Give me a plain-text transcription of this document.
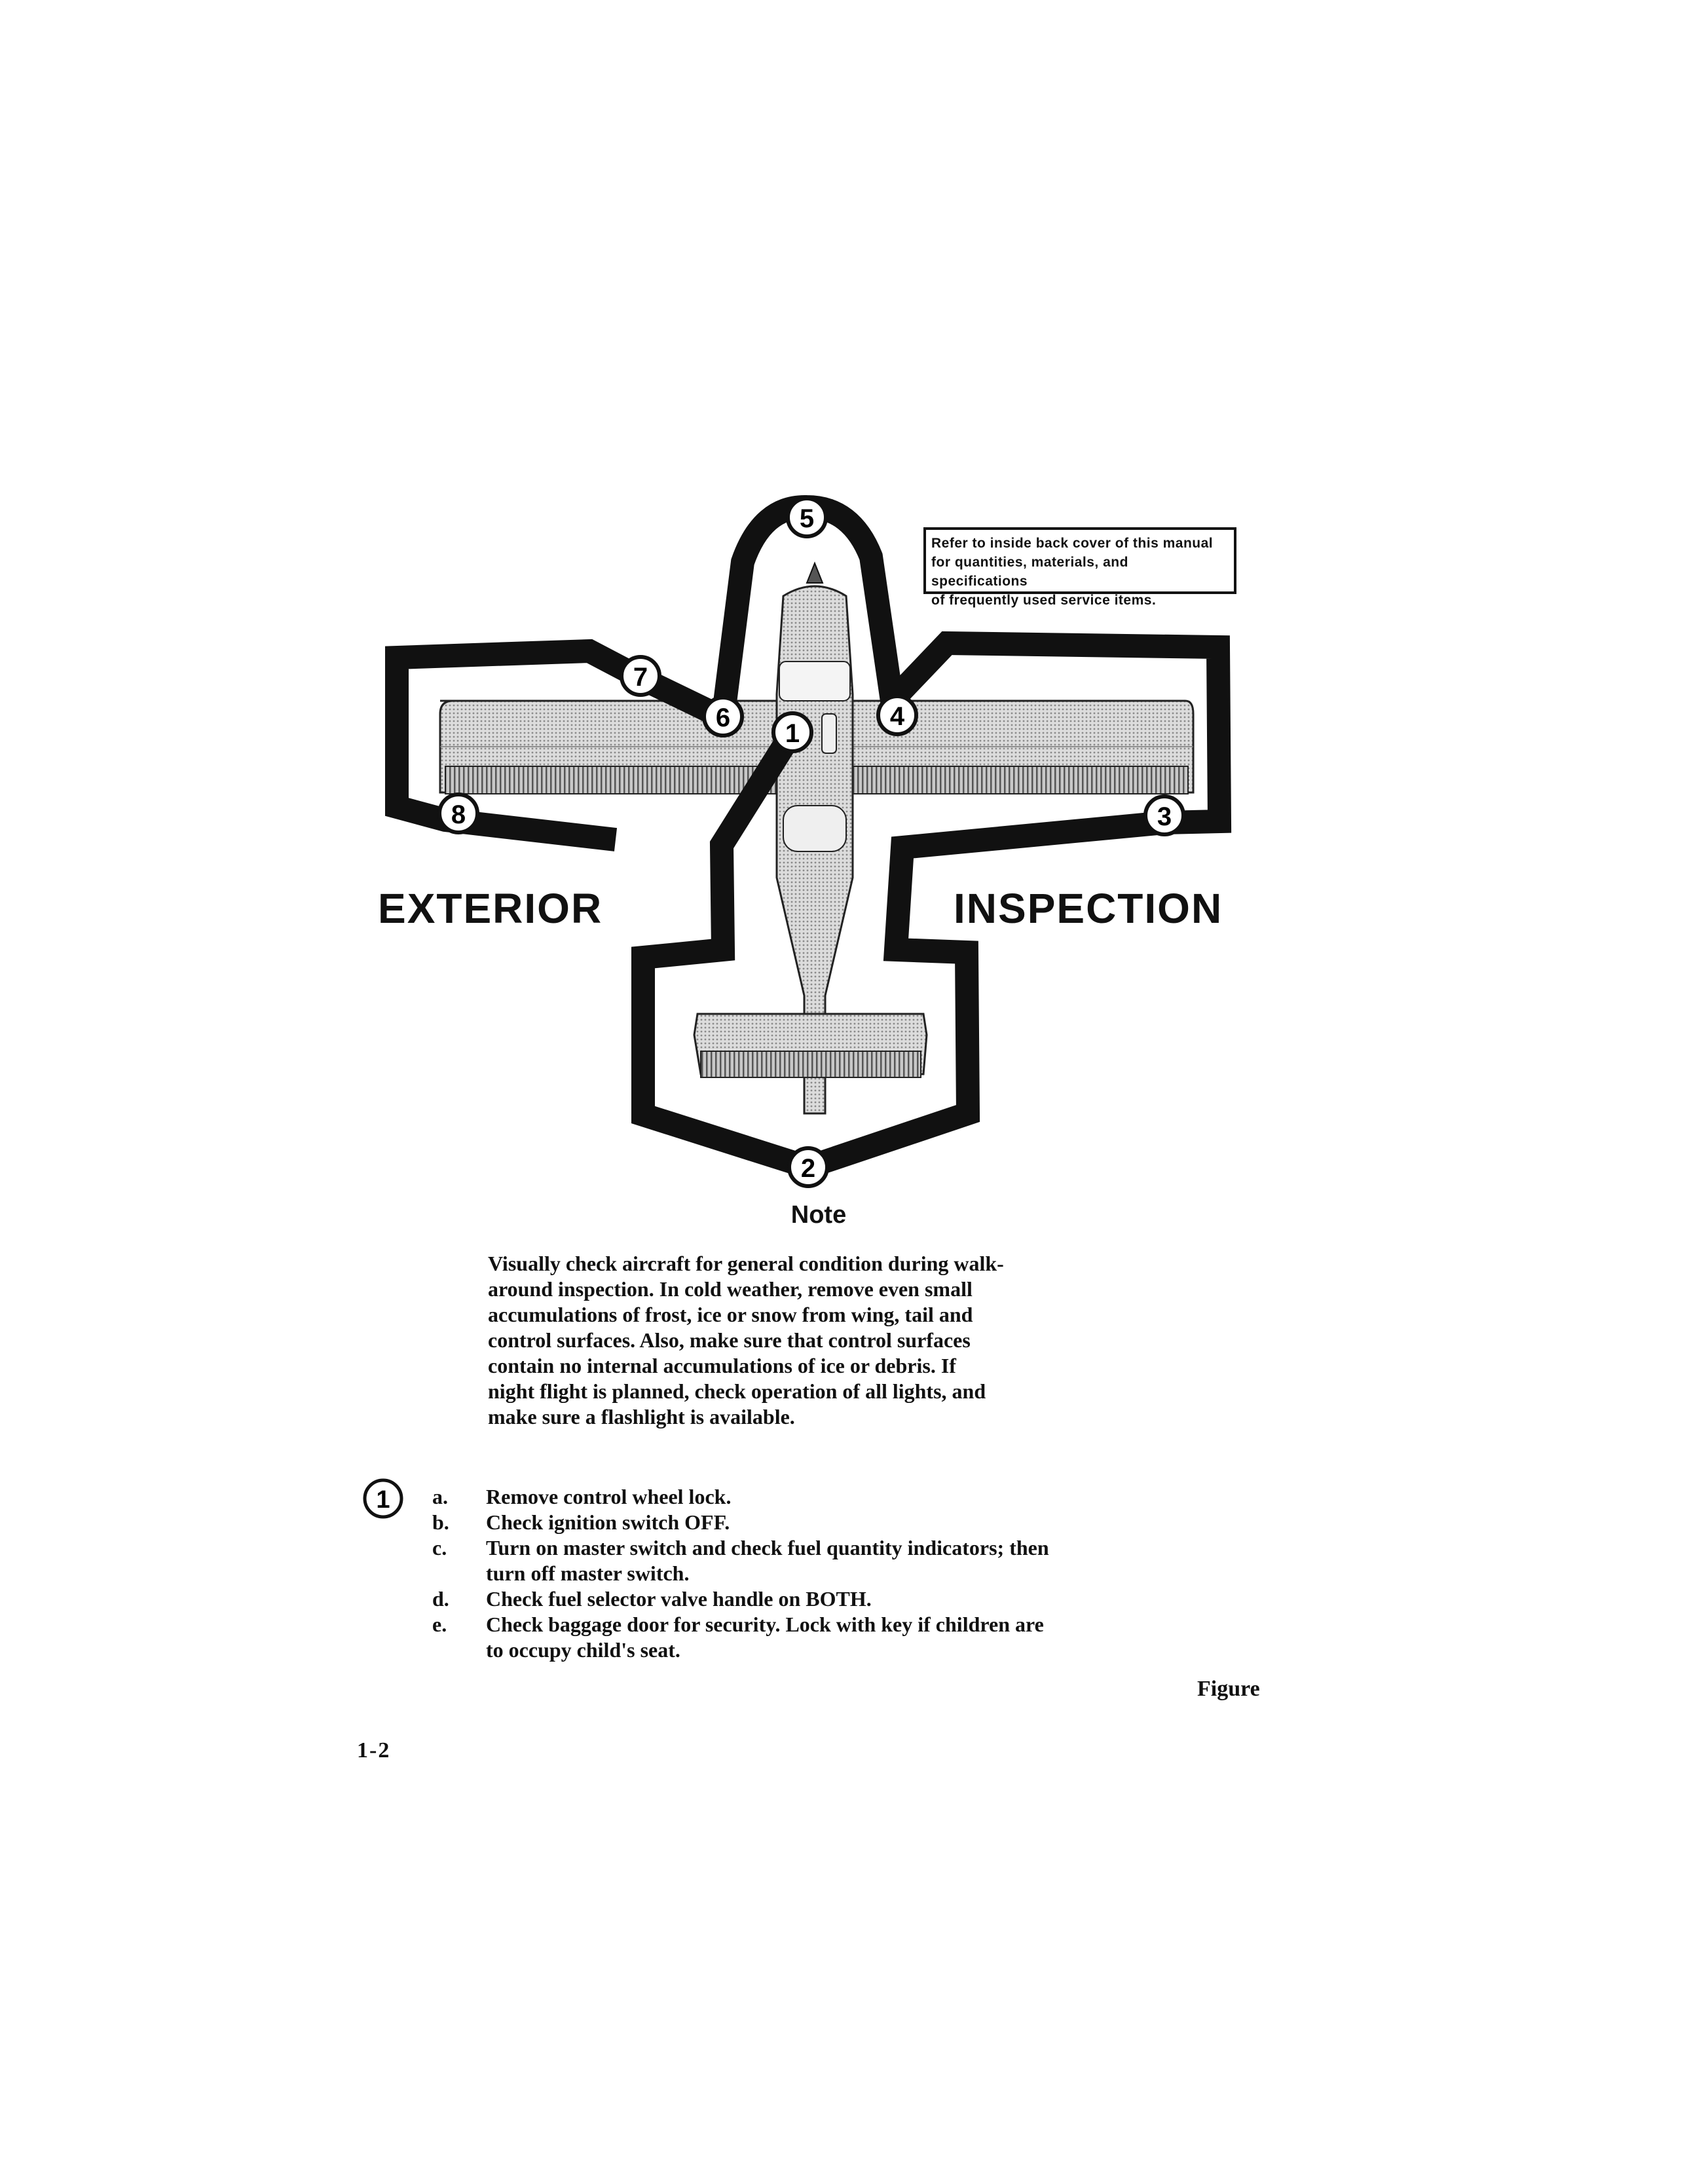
1
2
3
4
5
6
7
8
Refer to inside back cover of this manual
for quantities, materials, and specifications
of frequently used service items.
EXTERIOR	INSPECTION
Note

Visually check aircraft for general condition during walk-

around inspection. In cold weather, remove even small

accumulations of frost, ice or snow from wing, tail and

control surfaces. Also, make sure that control surfaces

contain no internal accumulations of ice or debris. If

night flight is planned, check operation of all lights, and

make sure a flashlight is available.

1 a. Remove control wheel lock.
b. Check ignition switch OFF.
c. Turn on master switch and check fuel quantity indicators; then
turn off master switch.
d. Check fuel selector valve handle on BOTH.
e. Check baggage door for security. Lock with key if children are
to occupy child's seat.
Figure
1-2
